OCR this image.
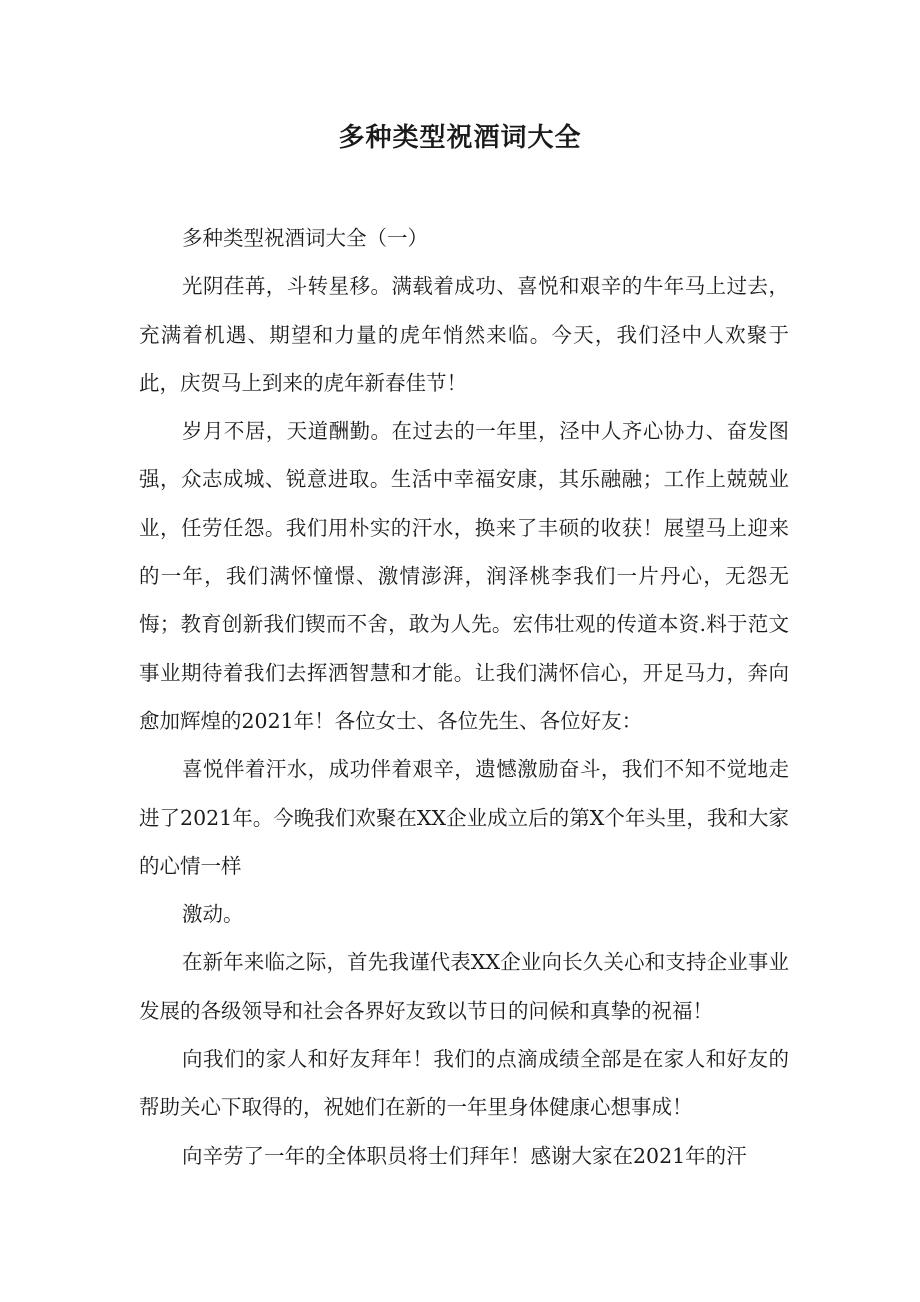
多种类型祝酒词大全

多种类型祝酒词大全（一）

光阴荏苒，斗转星移。满载着成功、喜悦和艰辛的牛年马上过去，充满着机遇、期望和力量的虎年悄然来临。今天，我们泾中人欢聚于此，庆贺马上到来的虎年新春佳节！

岁月不居，天道酬勤。在过去的一年里，泾中人齐心协力、奋发图强，众志成城、锐意进取。生活中幸福安康，其乐融融；工作上兢兢业业，任劳任怨。我们用朴实的汗水，换来了丰硕的收获！展望马上迎来的一年，我们满怀憧憬、激情澎湃，润泽桃李我们一片丹心，无怨无悔；教育创新我们锲而不舍，敢为人先。宏伟壮观的传道本资.料于范文事业期待着我们去挥洒智慧和才能。让我们满怀信心，开足马力，奔向愈加辉煌的2021年！各位女士、各位先生、各位好友：

喜悦伴着汗水，成功伴着艰辛，遗憾激励奋斗，我们不知不觉地走进了2021年。今晚我们欢聚在XX企业成立后的第X个年头里，我和大家的心情一样

激动。

在新年来临之际，首先我谨代表XX企业向长久关心和支持企业事业发展的各级领导和社会各界好友致以节日的问候和真挚的祝福！

向我们的家人和好友拜年！我们的点滴成绩全部是在家人和好友的帮助关心下取得的，祝她们在新的一年里身体健康心想事成！

向辛劳了一年的全体职员将士们拜年！感谢大家在2021年的汗
